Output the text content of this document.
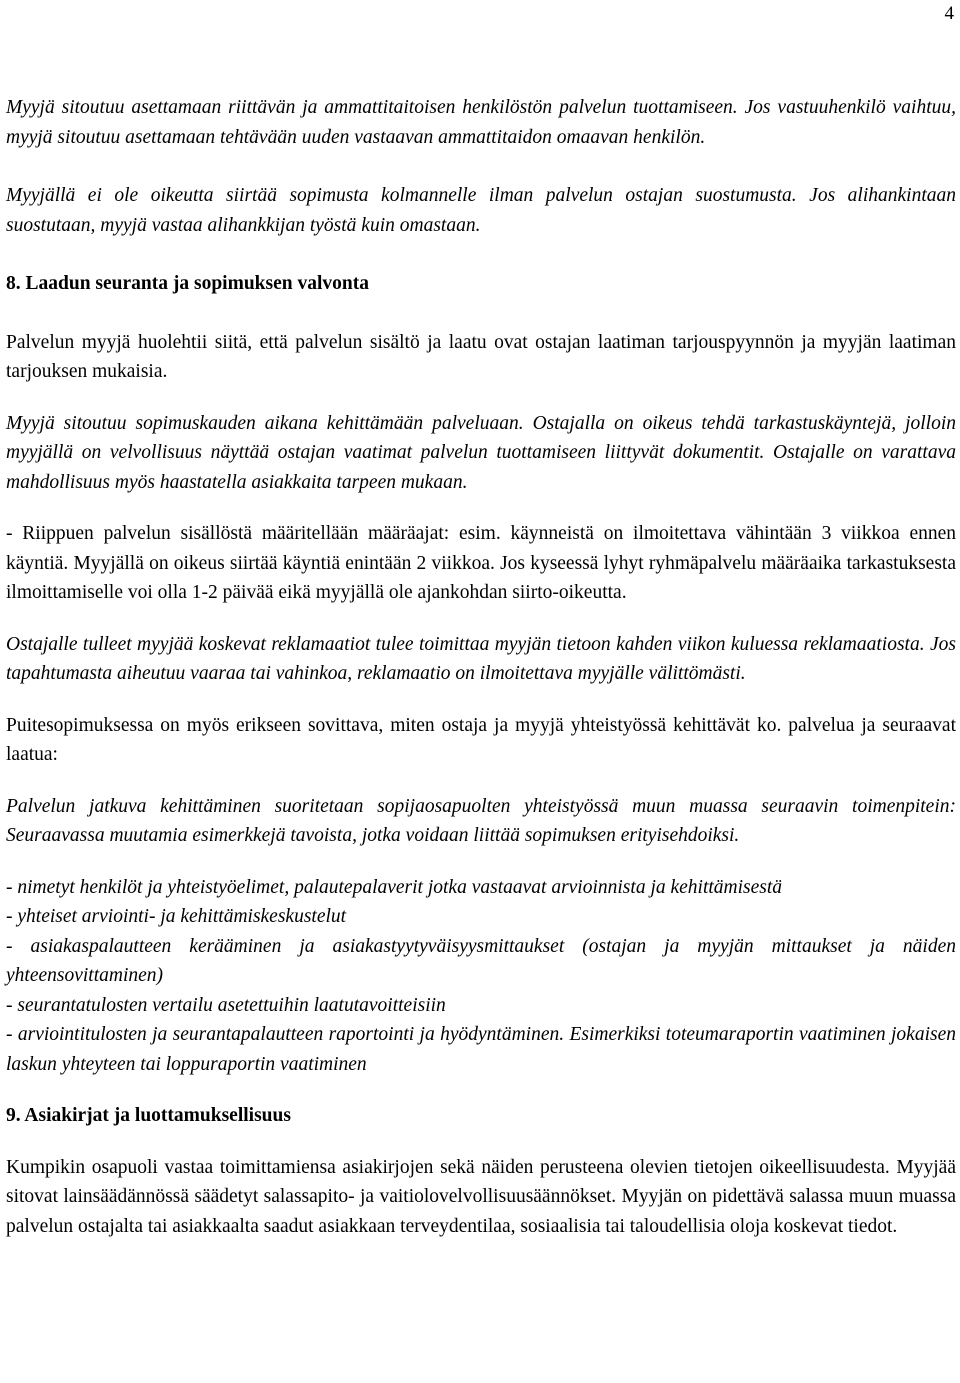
4

Myyjä sitoutuu asettamaan riittävän ja ammattitaitoisen henkilöstön palvelun tuottamiseen. Jos vastuuhenkilö vaihtuu, myyjä sitoutuu asettamaan tehtävään uuden vastaavan ammattitaidon omaavan henkilön.

Myyjällä ei ole oikeutta siirtää sopimusta kolmannelle ilman palvelun ostajan suostumusta. Jos alihankintaan suostutaan, myyjä vastaa alihankkijan työstä kuin omastaan.

8. Laadun seuranta ja sopimuksen valvonta

Palvelun myyjä huolehtii siitä, että palvelun sisältö ja laatu ovat ostajan laatiman tarjouspyynnön ja myyjän laatiman tarjouksen mukaisia.

Myyjä sitoutuu sopimuskauden aikana kehittämään palveluaan. Ostajalla on oikeus tehdä tarkastuskäyntejä, jolloin myyjällä on velvollisuus näyttää ostajan vaatimat palvelun tuottamiseen liittyvät dokumentit. Ostajalle on varattava mahdollisuus myös haastatella asiakkaita tarpeen mukaan.

- Riippuen palvelun sisällöstä määritellään määräajat: esim. käynneistä on ilmoitettava vähintään 3 viikkoa ennen käyntiä. Myyjällä on oikeus siirtää käyntiä enintään 2 viikkoa. Jos kyseessä lyhyt ryhmäpalvelu määräaika tarkastuksesta ilmoittamiselle voi olla 1-2 päivää eikä myyjällä ole ajankohdan siirto-oikeutta.

Ostajalle tulleet myyjää koskevat reklamaatiot tulee toimittaa myyjän tietoon kahden viikon kuluessa reklamaatiosta. Jos tapahtumasta aiheutuu vaaraa tai vahinkoa, reklamaatio on ilmoitettava myyjälle välittömästi.

Puitesopimuksessa on myös erikseen sovittava, miten ostaja ja myyjä yhteistyössä kehittävät ko. palvelua ja seuraavat laatua:

Palvelun jatkuva kehittäminen suoritetaan sopijaosapuolten yhteistyössä muun muassa seuraavin toimenpitein: Seuraavassa muutamia esimerkkejä tavoista, jotka voidaan liittää sopimuksen erityisehdoiksi.

- nimetyt henkilöt ja yhteistyöelimet, palautepalaverit jotka vastaavat arvioinnista ja kehittämisestä

- yhteiset arviointi- ja kehittämiskeskustelut

- asiakaspalautteen kerääminen ja asiakastyytyväisyysmittaukset (ostajan ja myyjän mittaukset ja näiden yhteensovittaminen)

- seurantatulosten vertailu asetettuihin laatutavoitteisiin

- arviointitulosten ja seurantapalautteen raportointi ja hyödyntäminen. Esimerkiksi toteumaraportin vaatiminen jokaisen laskun yhteyteen tai loppuraportin vaatiminen

9. Asiakirjat ja luottamuksellisuus

Kumpikin osapuoli vastaa toimittamiensa asiakirjojen sekä näiden perusteena olevien tietojen oikeellisuudesta. Myyjää sitovat lainsäädännössä säädetyt salassapito- ja vaitiolovelvollisuusäännökset. Myyjän on pidettävä salassa muun muassa palvelun ostajalta tai asiakkaalta saadut asiakkaan terveydentilaa, sosiaalisia tai taloudellisia oloja koskevat tiedot.
